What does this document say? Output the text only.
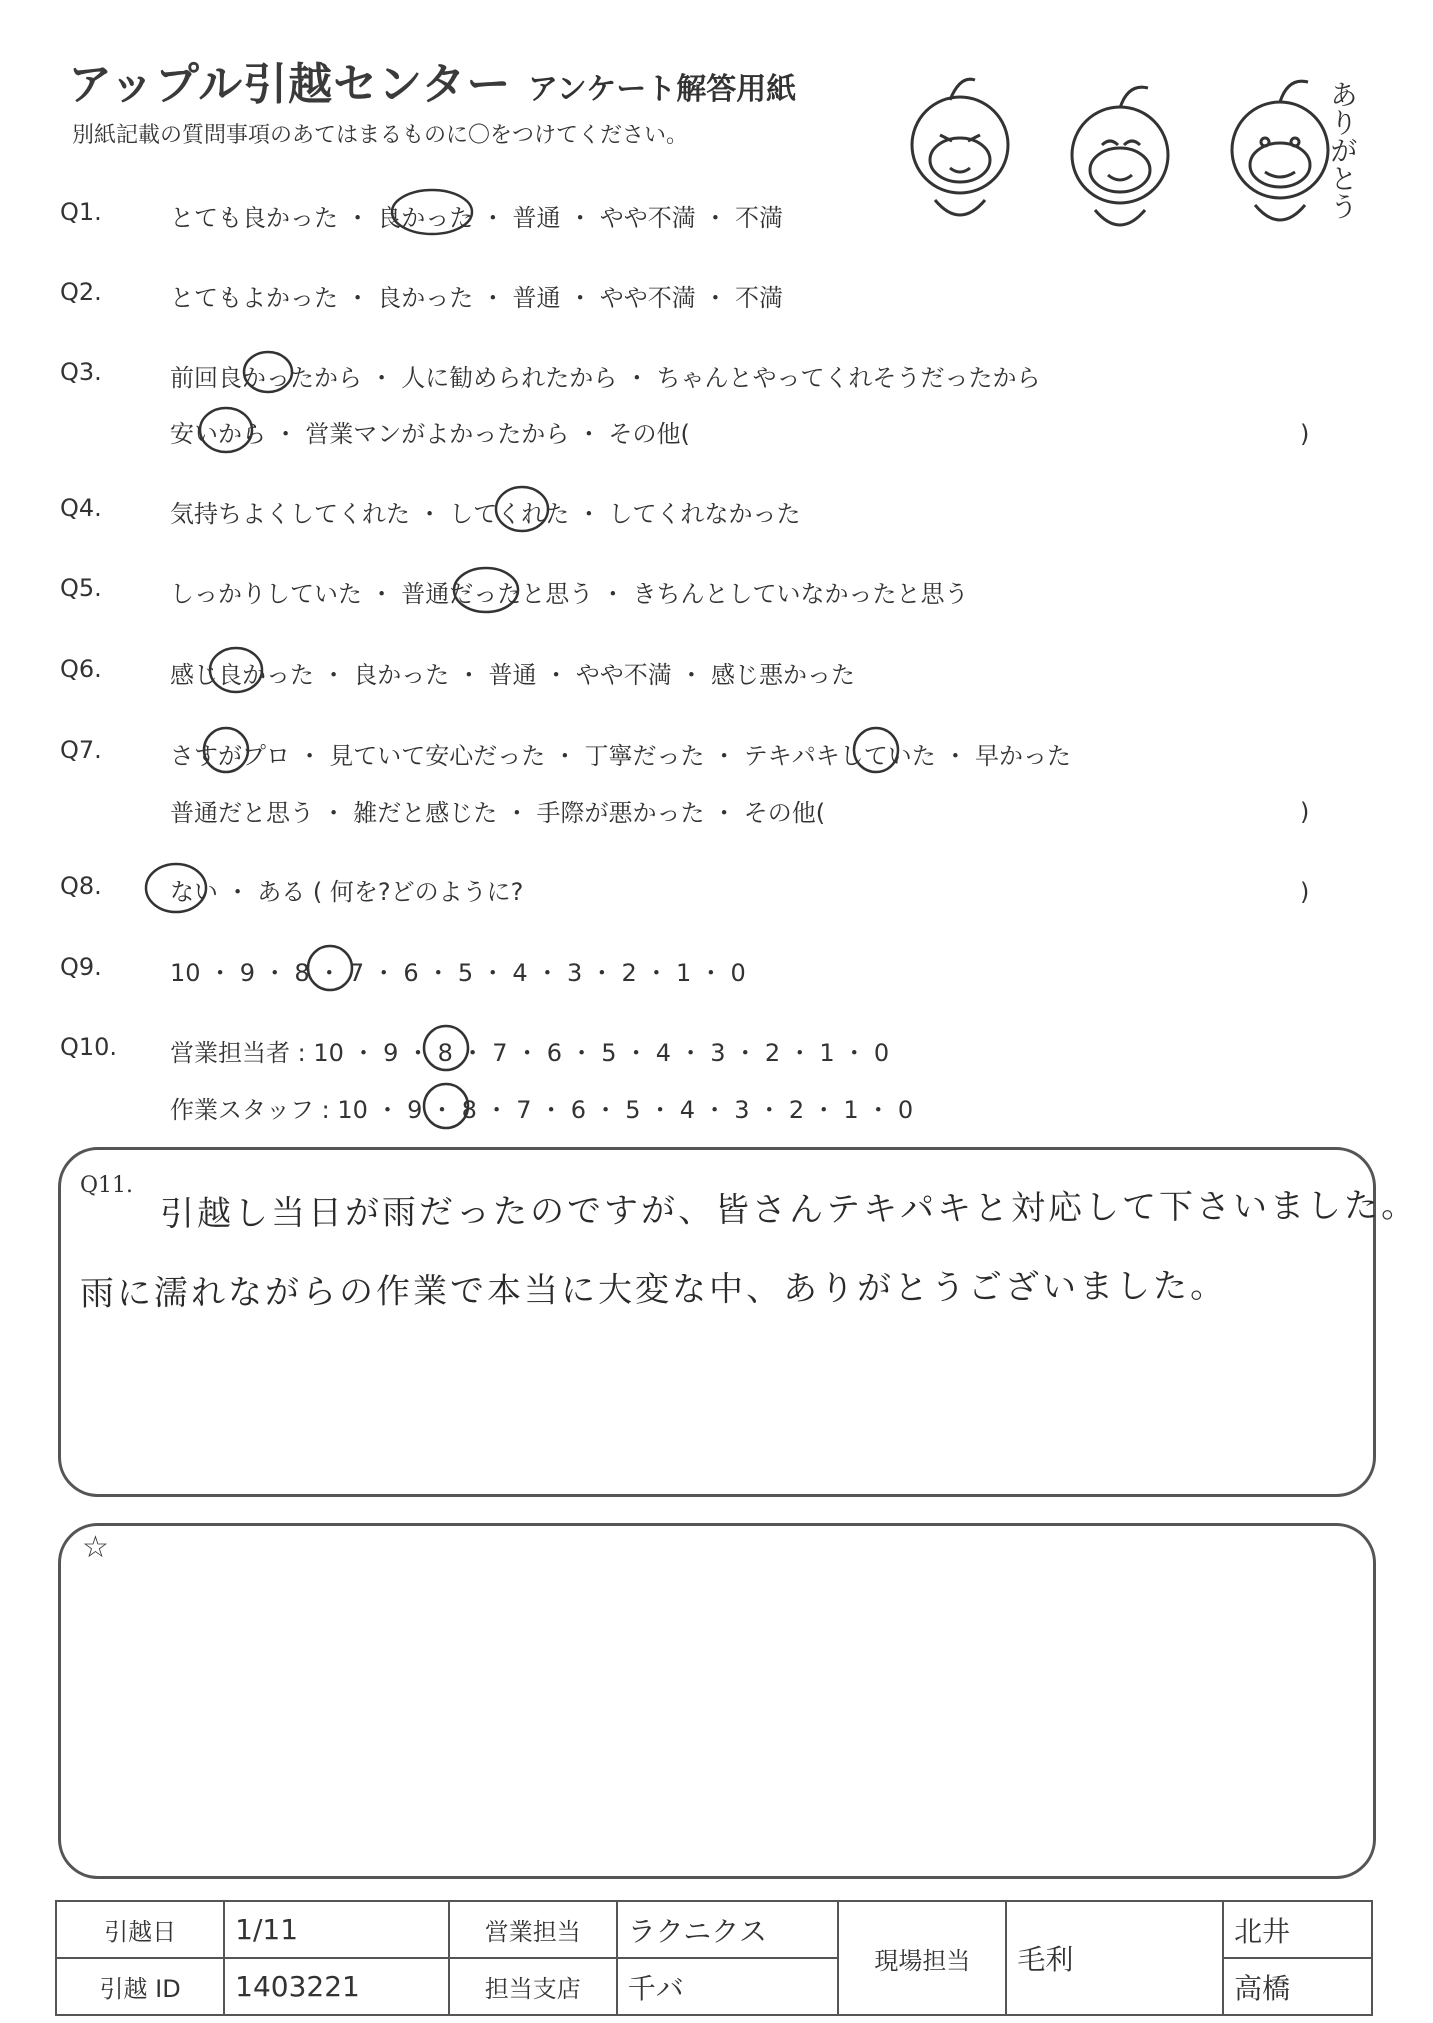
アップル引越センター アンケート解答用紙
別紙記載の質問事項のあてはまるものに〇をつけてください。	ありがとう
Q1.	とても良かった ・ 良かった ・ 普通 ・ やや不満 ・ 不満
Q2.	とてもよかった ・ 良かった ・ 普通 ・ やや不満 ・ 不満
Q3.	前回良かったから ・ 人に勧められたから ・ ちゃんとやってくれそうだったから
安いから ・ 営業マンがよかったから ・ その他(	)
Q4.	気持ちよくしてくれた ・ してくれた ・ してくれなかった
Q5.	しっかりしていた ・ 普通だったと思う ・ きちんとしていなかったと思う
Q6.	感じ良かった ・ 良かった ・ 普通 ・ やや不満 ・ 感じ悪かった
Q7.	さすがプロ ・ 見ていて安心だった ・ 丁寧だった ・ テキパキしていた ・ 早かった
普通だと思う ・ 雑だと感じた ・ 手際が悪かった ・ その他(	)
Q8.	ない ・ ある ( 何を?どのように?	)
Q9.	10 ・ 9 ・ 8 ・ 7 ・ 6 ・ 5 ・ 4 ・ 3 ・ 2 ・ 1 ・ 0
Q10. 営業担当者 : 10 ・ 9 ・ 8 ・ 7 ・ 6 ・ 5 ・ 4 ・ 3 ・ 2 ・ 1 ・ 0
作業スタッフ : 10 ・ 9 ・ 8 ・ 7 ・ 6 ・ 5 ・ 4 ・ 3 ・ 2 ・ 1 ・ 0
Q11.
引越し当日が雨だったのですが、皆さんテキパキと対応して下さいました。
雨に濡れながらの作業で本当に大変な中、ありがとうございました。
☆
引越日	1/11	営業担当	ラクニクス	現場担当	毛利	北井
引越 ID	1403221	担当支店	千バ			高橋
